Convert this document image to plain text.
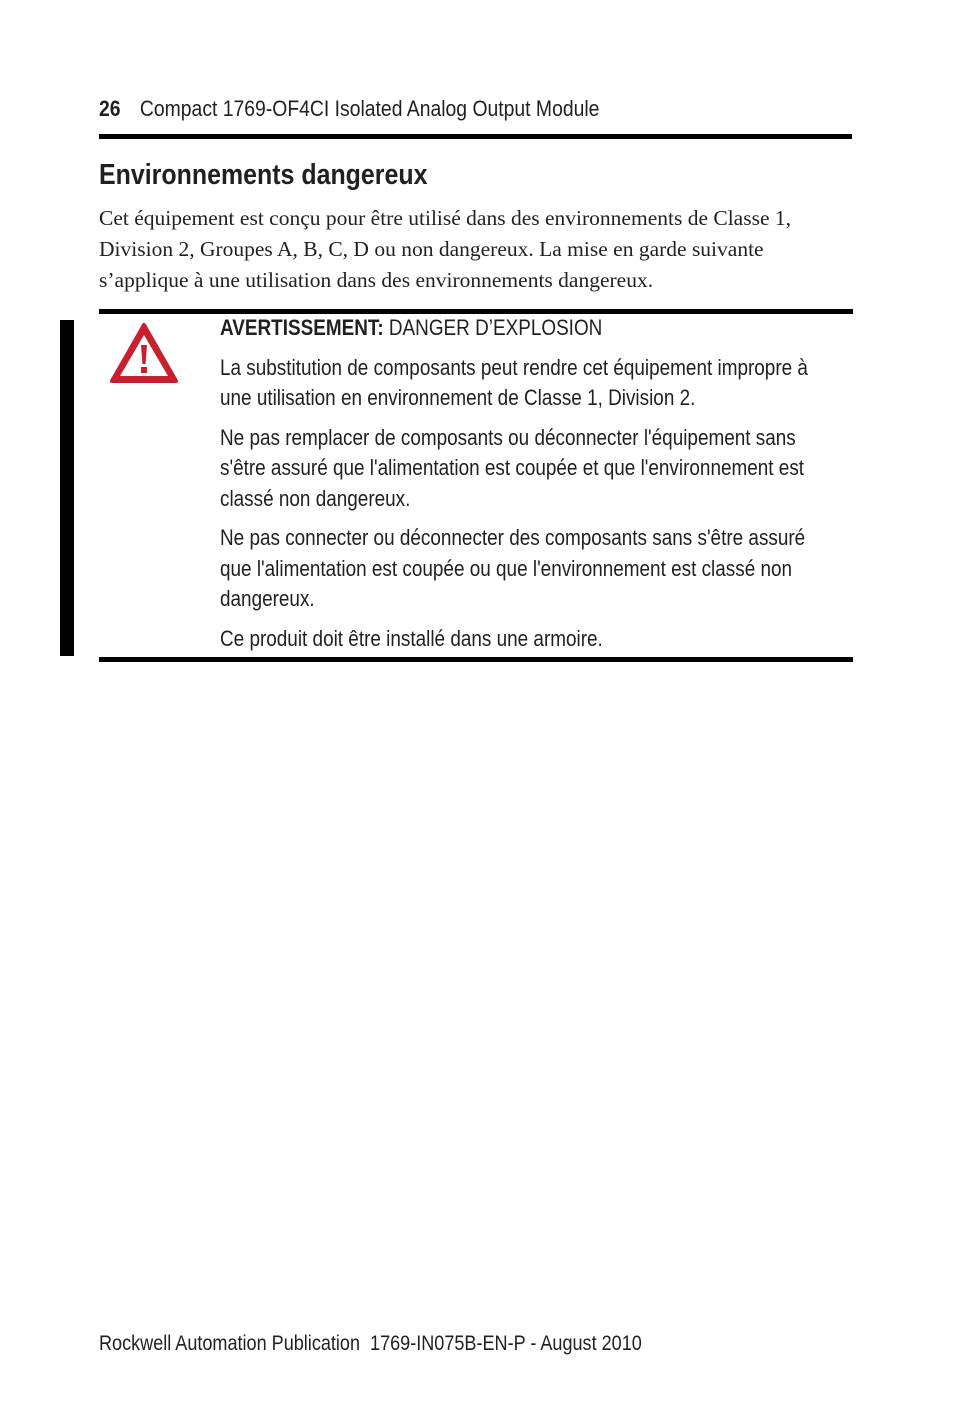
26 Compact 1769-OF4CI Isolated Analog Output Module
Environnements dangereux

Cet équipement est conçu pour être utilisé dans des environnements de Classe 1,
Division 2, Groupes A, B, C, D ou non dangereux. La mise en garde suivante
s’applique à une utilisation dans des environnements dangereux.

AVERTISSEMENT: DANGER D’EXPLOSION

La substitution de composants peut rendre cet équipement impropre à
une utilisation en environnement de Classe 1, Division 2.

Ne pas remplacer de composants ou déconnecter l'équipement sans
s'être assuré que l'alimentation est coupée et que l'environnement est
classé non dangereux.

Ne pas connecter ou déconnecter des composants sans s'être assuré
que l'alimentation est coupée ou que l'environnement est classé non
dangereux.

Ce produit doit être installé dans une armoire.

Rockwell Automation Publication  1769-IN075B-EN-P - August 2010
